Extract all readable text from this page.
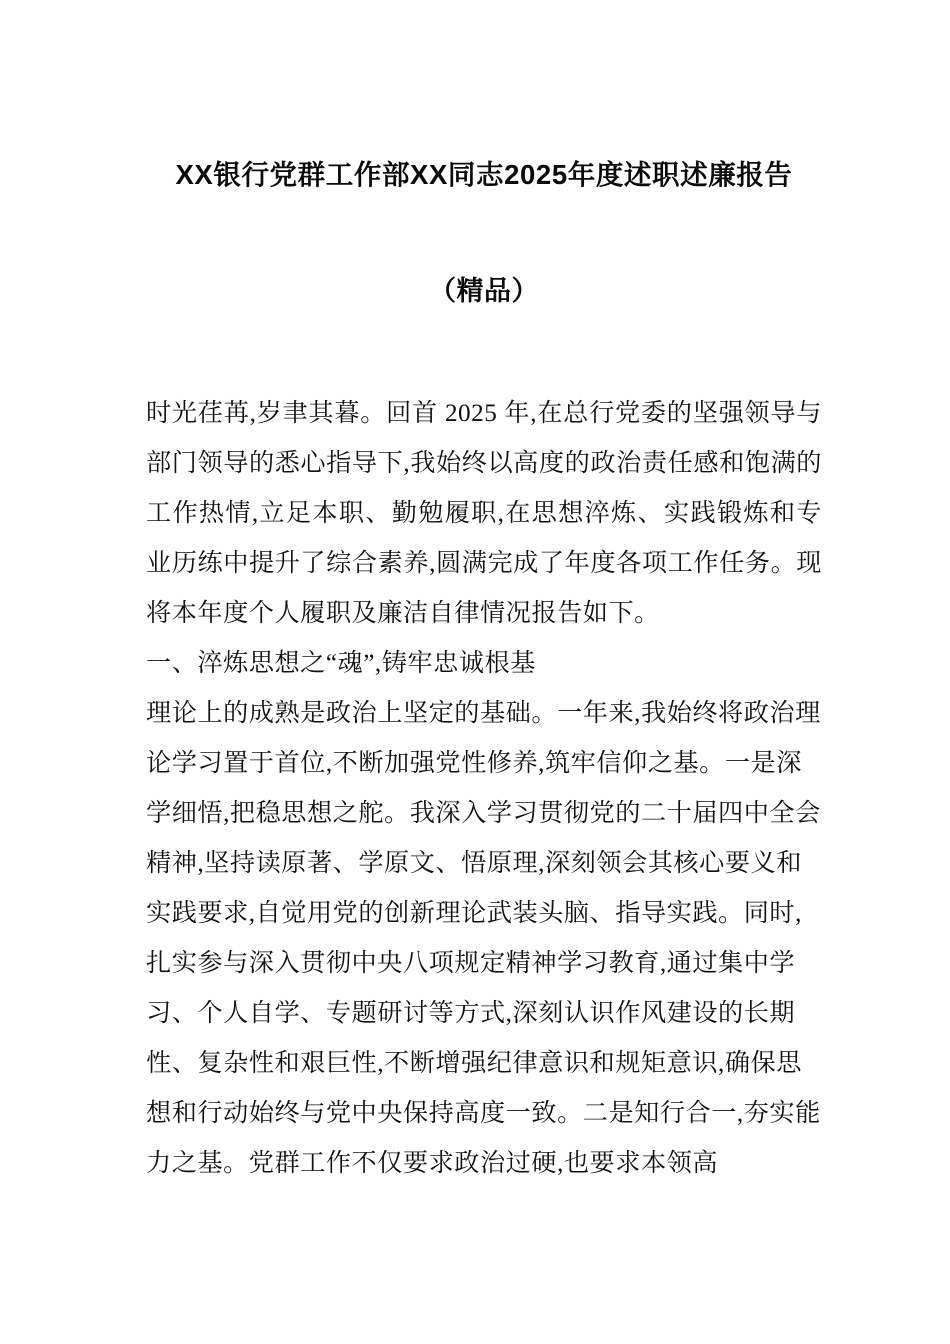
XX银行党群工作部XX同志2025年度述职述廉报告
（精品）

时光荏苒,岁聿其暮。回首 2025 年,在总行党委的坚强领导与部门领导的悉心指导下,我始终以高度的政治责任感和饱满的工作热情,立足本职、勤勉履职,在思想淬炼、实践锻炼和专业历练中提升了综合素养,圆满完成了年度各项工作任务。现将本年度个人履职及廉洁自律情况报告如下。

一、淬炼思想之“魂”,铸牢忠诚根基

理论上的成熟是政治上坚定的基础。一年来,我始终将政治理论学习置于首位,不断加强党性修养,筑牢信仰之基。一是深学细悟,把稳思想之舵。我深入学习贯彻党的二十届四中全会精神,坚持读原著、学原文、悟原理,深刻领会其核心要义和实践要求,自觉用党的创新理论武装头脑、指导实践。同时,扎实参与深入贯彻中央八项规定精神学习教育,通过集中学习、个人自学、专题研讨等方式,深刻认识作风建设的长期性、复杂性和艰巨性,不断增强纪律意识和规矩意识,确保思想和行动始终与党中央保持高度一致。二是知行合一,夯实能力之基。党群工作不仅要求政治过硬,也要求本领高
